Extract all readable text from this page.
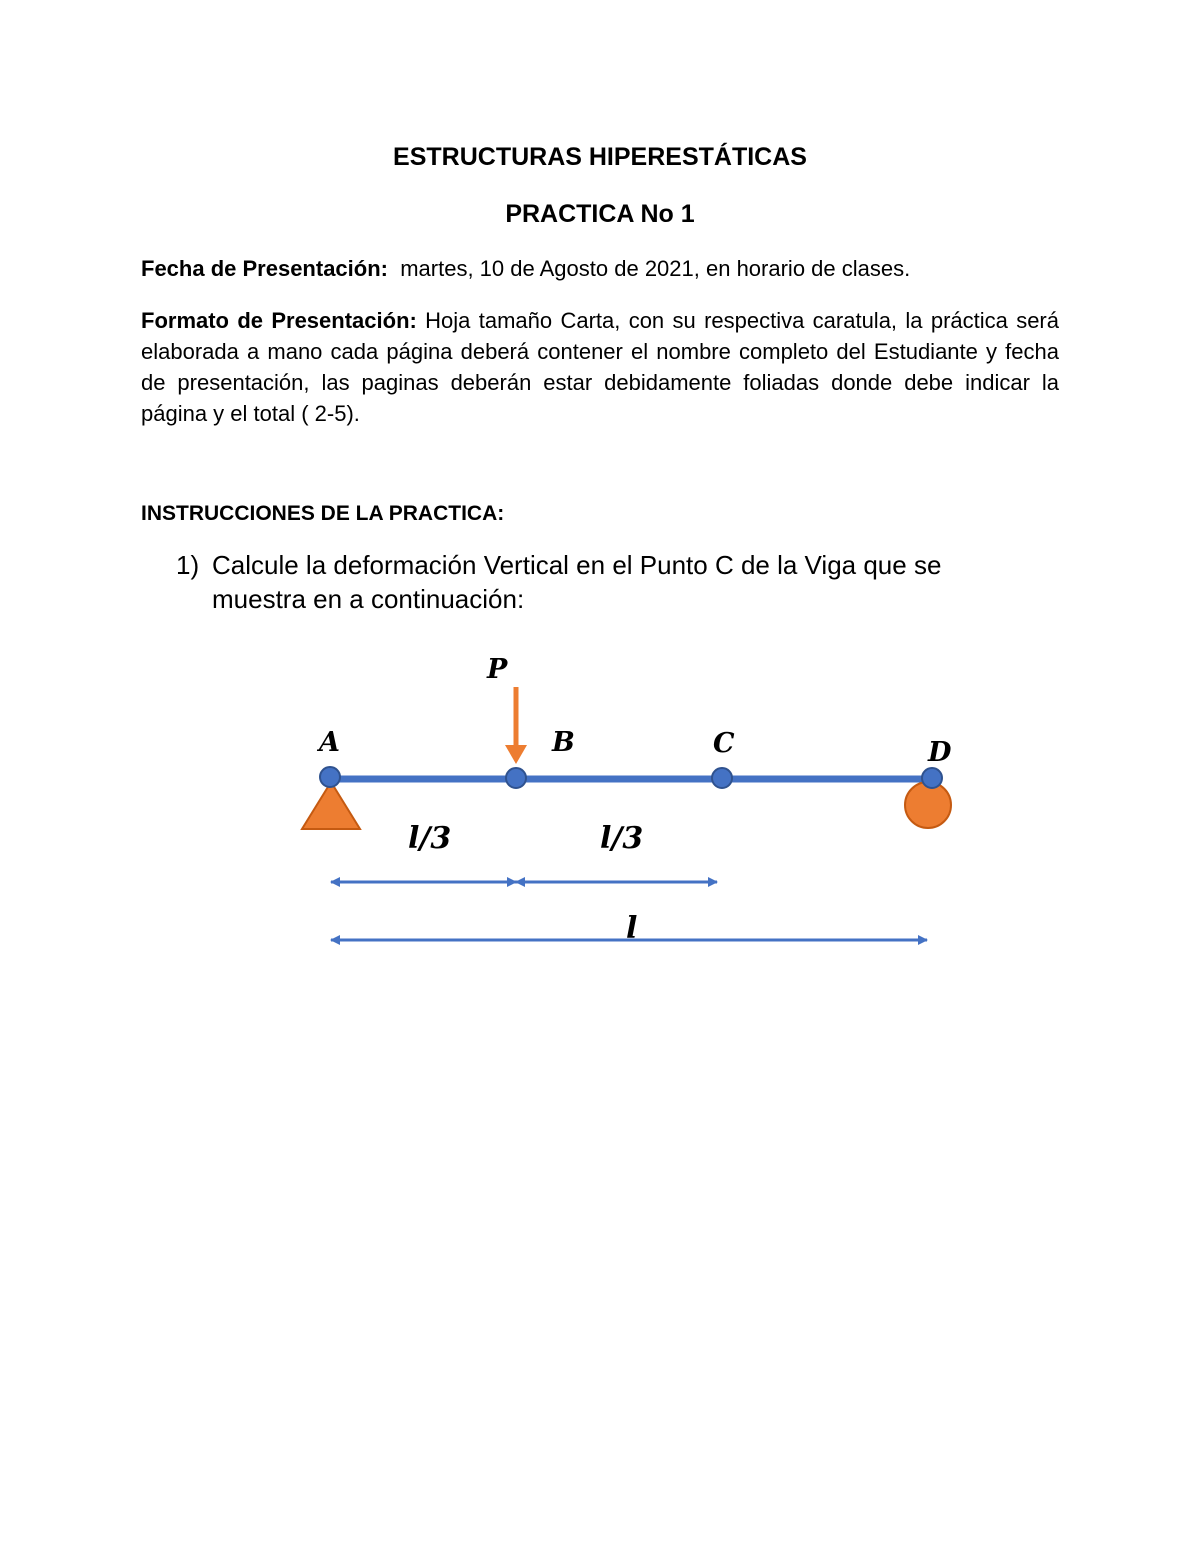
ESTRUCTURAS HIPERESTÁTICAS
PRACTICA No 1
Fecha de Presentación: martes, 10 de Agosto de 2021, en horario de clases.
Formato de Presentación: Hoja tamaño Carta, con su respectiva caratula, la práctica será elaborada a mano cada página deberá contener el nombre completo del Estudiante y fecha de presentación, las paginas deberán estar debidamente foliadas donde debe indicar la página y el total ( 2-5).
INSTRUCCIONES DE LA PRACTICA:
1) Calcule la deformación Vertical en el Punto C de la Viga que se muestra en a continuación:
P
A	B	C	D
l/3	l/3
l
